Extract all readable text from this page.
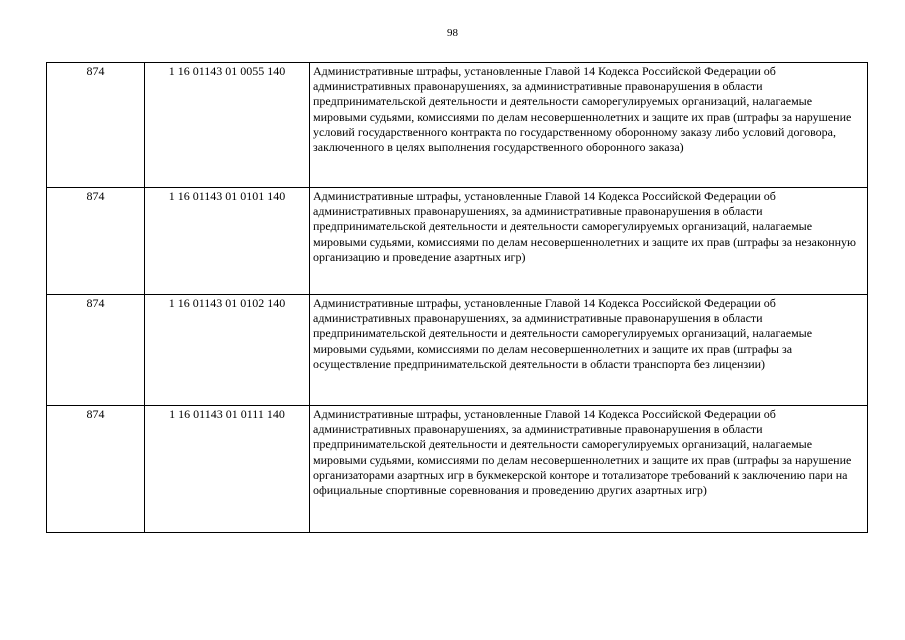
98
874	1 16 01143 01 0055 140	Административные штрафы, установленные Главой 14 Кодекса Российской Федерации об административных правонарушениях, за административные правонарушения в области предпринимательской деятельности и деятельности саморегулируемых организаций, налагаемые мировыми судьями, комиссиями по делам несовершеннолетних и защите их прав (штрафы за нарушение условий государственного контракта по государственному оборонному заказу либо условий договора, заключенного в целях выполнения государственного оборонного заказа)
874	1 16 01143 01 0101 140	Административные штрафы, установленные Главой 14 Кодекса Российской Федерации об административных правонарушениях, за административные правонарушения в области предпринимательской деятельности и деятельности саморегулируемых организаций, налагаемые мировыми судьями, комиссиями по делам несовершеннолетних и защите их прав (штрафы за незаконную организацию и проведение азартных игр)
874	1 16 01143 01 0102 140	Административные штрафы, установленные Главой 14 Кодекса Российской Федерации об административных правонарушениях, за административные правонарушения в области предпринимательской деятельности и деятельности саморегулируемых организаций, налагаемые мировыми судьями, комиссиями по делам несовершеннолетних и защите их прав (штрафы за осуществление предпринимательской деятельности в области транспорта без лицензии)
874	1 16 01143 01 0111 140	Административные штрафы, установленные Главой 14 Кодекса Российской Федерации об административных правонарушениях, за административные правонарушения в области предпринимательской деятельности и деятельности саморегулируемых организаций, налагаемые мировыми судьями, комиссиями по делам несовершеннолетних и защите их прав (штрафы за нарушение организаторами азартных игр в букмекерской конторе и тотализаторе требований к заключению пари на официальные спортивные соревнования и проведению других азартных игр)
